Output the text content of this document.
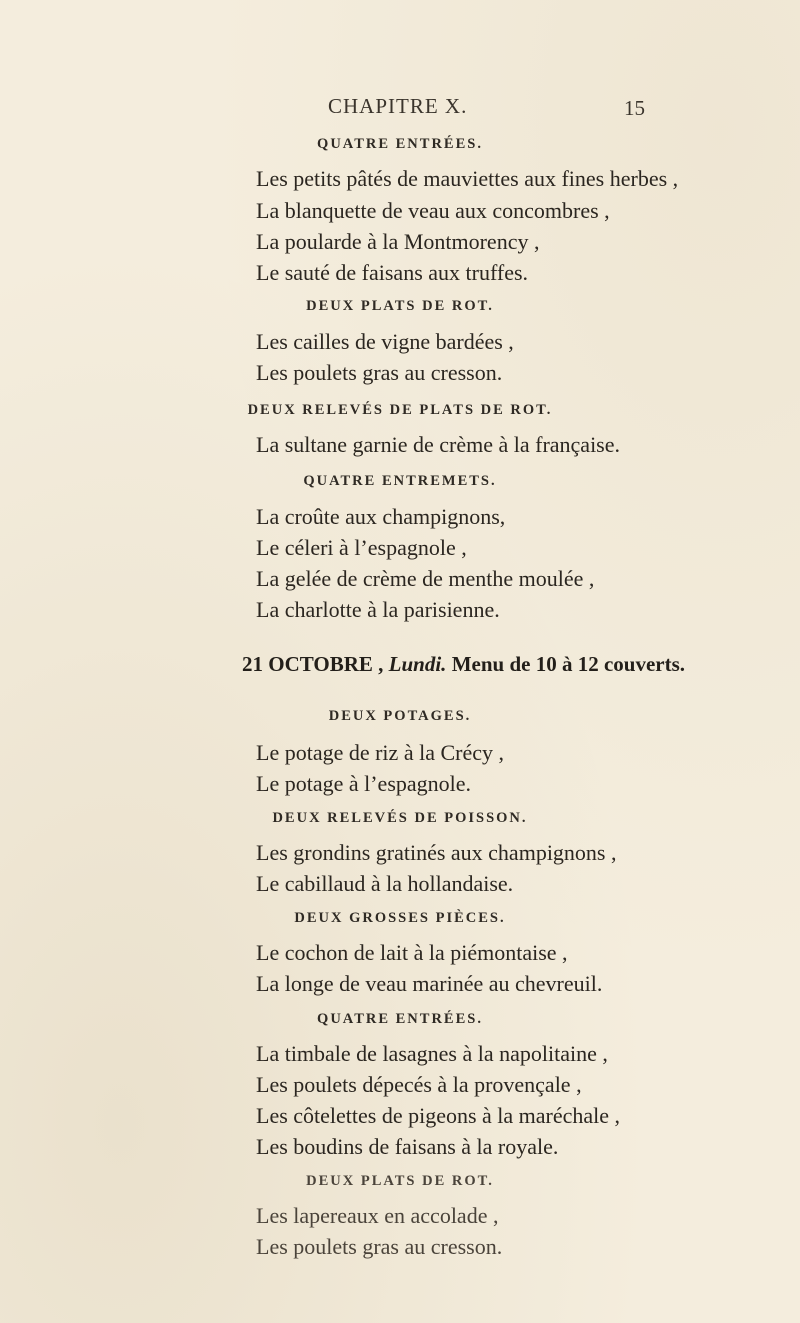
CHAPITRE X.	15
QUATRE ENTRÉES.
Les petits pâtés de mauviettes aux fines herbes ,
La blanquette de veau aux concombres ,
La poularde à la Montmorency ,
Le sauté de faisans aux truffes.
DEUX PLATS DE ROT.
Les cailles de vigne bardées ,
Les poulets gras au cresson.
DEUX RELEVÉS DE PLATS DE ROT.
La sultane garnie de crème à la française.
QUATRE ENTREMETS.
La croûte aux champignons,
Le céleri à l’espagnole ,
La gelée de crème de menthe moulée ,
La charlotte à la parisienne.
21 OCTOBRE , Lundi. Menu de 10 à 12 couverts.
DEUX POTAGES.
Le potage de riz à la Crécy ,
Le potage à l’espagnole.
DEUX RELEVÉS DE POISSON.
Les grondins gratinés aux champignons ,
Le cabillaud à la hollandaise.
DEUX GROSSES PIÈCES.
Le cochon de lait à la piémontaise ,
La longe de veau marinée au chevreuil.
QUATRE ENTRÉES.
La timbale de lasagnes à la napolitaine ,
Les poulets dépecés à la provençale ,
Les côtelettes de pigeons à la maréchale ,
Les boudins de faisans à la royale.
DEUX PLATS DE ROT.
Les lapereaux en accolade ,
Les poulets gras au cresson.
